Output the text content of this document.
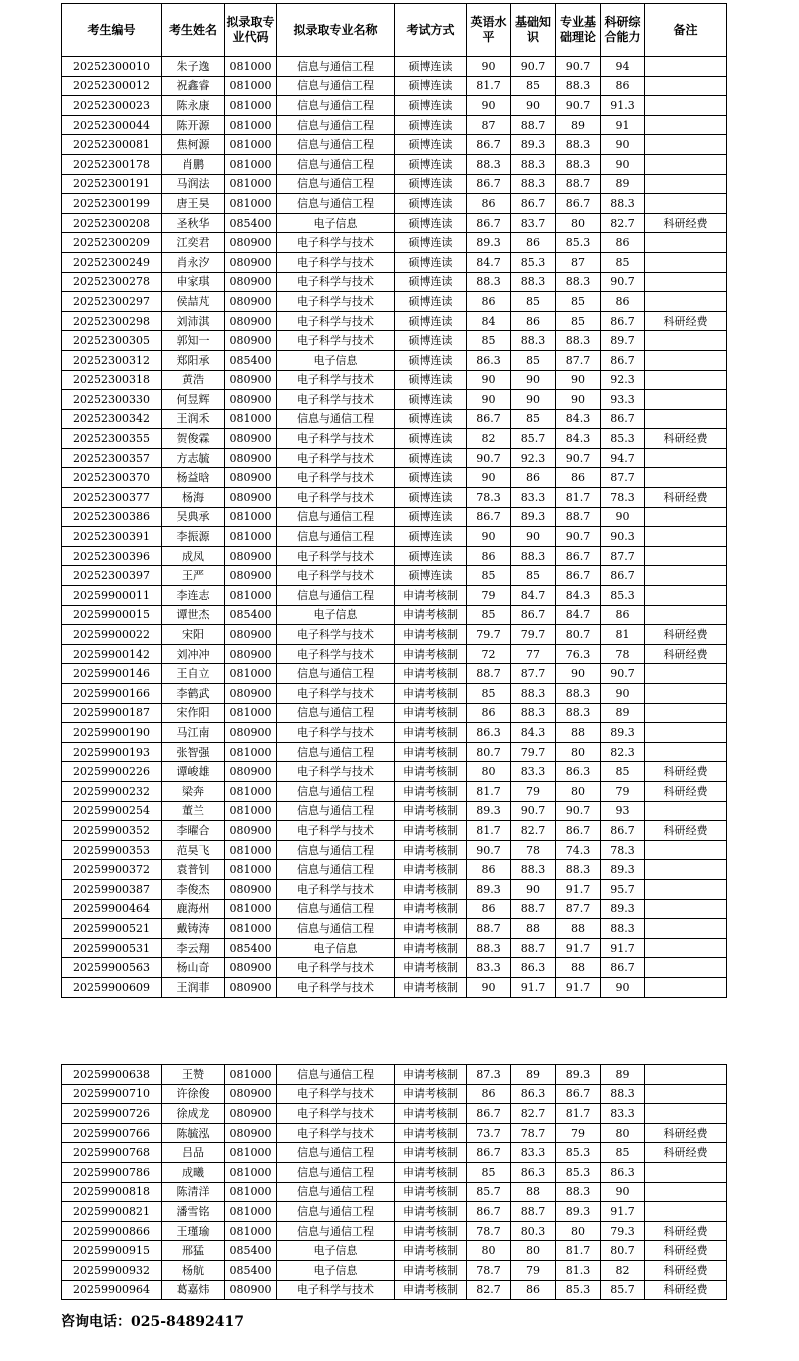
考生编号	考生姓名	拟录取专业代码	拟录取专业名称	考试方式	英语水平	基础知识	专业基础理论	科研综合能力	备注
20252300010	朱子逸	081000	信息与通信工程	硕博连读	90	90.7	90.7	94	
20252300012	祝鑫睿	081000	信息与通信工程	硕博连读	81.7	85	88.3	86	
20252300023	陈永康	081000	信息与通信工程	硕博连读	90	90	90.7	91.3	
20252300044	陈开源	081000	信息与通信工程	硕博连读	87	88.7	89	91	
20252300081	焦柯源	081000	信息与通信工程	硕博连读	86.7	89.3	88.3	90	
20252300178	肖鹏	081000	信息与通信工程	硕博连读	88.3	88.3	88.3	90	
20252300191	马润法	081000	信息与通信工程	硕博连读	86.7	88.3	88.7	89	
20252300199	唐王昊	081000	信息与通信工程	硕博连读	86	86.7	86.7	88.3	
20252300208	圣秋华	085400	电子信息	硕博连读	86.7	83.7	80	82.7	科研经费
20252300209	江奕君	080900	电子科学与技术	硕博连读	89.3	86	85.3	86	
20252300249	肖永汐	080900	电子科学与技术	硕博连读	84.7	85.3	87	85	
20252300278	申家琪	080900	电子科学与技术	硕博连读	88.3	88.3	88.3	90.7	
20252300297	侯喆芃	080900	电子科学与技术	硕博连读	86	85	85	86	
20252300298	刘沛淇	080900	电子科学与技术	硕博连读	84	86	85	86.7	科研经费
20252300305	郭知一	080900	电子科学与技术	硕博连读	85	88.3	88.3	89.7	
20252300312	郑阳承	085400	电子信息	硕博连读	86.3	85	87.7	86.7	
20252300318	黄浩	080900	电子科学与技术	硕博连读	90	90	90	92.3	
20252300330	何昱辉	080900	电子科学与技术	硕博连读	90	90	90	93.3	
20252300342	王润禾	081000	信息与通信工程	硕博连读	86.7	85	84.3	86.7	
20252300355	贺俊霖	080900	电子科学与技术	硕博连读	82	85.7	84.3	85.3	科研经费
20252300357	方志毓	080900	电子科学与技术	硕博连读	90.7	92.3	90.7	94.7	
20252300370	杨益晗	080900	电子科学与技术	硕博连读	90	86	86	87.7	
20252300377	杨海	080900	电子科学与技术	硕博连读	78.3	83.3	81.7	78.3	科研经费
20252300386	吴典承	081000	信息与通信工程	硕博连读	86.7	89.3	88.7	90	
20252300391	李振源	081000	信息与通信工程	硕博连读	90	90	90.7	90.3	
20252300396	成凤	080900	电子科学与技术	硕博连读	86	88.3	86.7	87.7	
20252300397	王严	080900	电子科学与技术	硕博连读	85	85	86.7	86.7	
20259900011	李连志	081000	信息与通信工程	申请考核制	79	84.7	84.3	85.3	
20259900015	谭世杰	085400	电子信息	申请考核制	85	86.7	84.7	86	
20259900022	宋阳	080900	电子科学与技术	申请考核制	79.7	79.7	80.7	81	科研经费
20259900142	刘冲冲	080900	电子科学与技术	申请考核制	72	77	76.3	78	科研经费
20259900146	王自立	081000	信息与通信工程	申请考核制	88.7	87.7	90	90.7	
20259900166	李鹤武	080900	电子科学与技术	申请考核制	85	88.3	88.3	90	
20259900187	宋作阳	081000	信息与通信工程	申请考核制	86	88.3	88.3	89	
20259900190	马江南	080900	电子科学与技术	申请考核制	86.3	84.3	88	89.3	
20259900193	张智强	081000	信息与通信工程	申请考核制	80.7	79.7	80	82.3	
20259900226	谭峻雄	080900	电子科学与技术	申请考核制	80	83.3	86.3	85	科研经费
20259900232	梁奔	081000	信息与通信工程	申请考核制	81.7	79	80	79	科研经费
20259900254	董兰	081000	信息与通信工程	申请考核制	89.3	90.7	90.7	93	
20259900352	李曜合	080900	电子科学与技术	申请考核制	81.7	82.7	86.7	86.7	科研经费
20259900353	范昊飞	081000	信息与通信工程	申请考核制	90.7	78	74.3	78.3	
20259900372	袁普钊	081000	信息与通信工程	申请考核制	86	88.3	88.3	89.3	
20259900387	李俊杰	080900	电子科学与技术	申请考核制	89.3	90	91.7	95.7	
20259900464	鹿海州	081000	信息与通信工程	申请考核制	86	88.7	87.7	89.3	
20259900521	戴铸涛	081000	信息与通信工程	申请考核制	88.7	88	88	88.3	
20259900531	李云翔	085400	电子信息	申请考核制	88.3	88.7	91.7	91.7	
20259900563	杨山奇	080900	电子科学与技术	申请考核制	83.3	86.3	88	86.7	
20259900609	王润菲	080900	电子科学与技术	申请考核制	90	91.7	91.7	90	
20259900638	王赞	081000	信息与通信工程	申请考核制	87.3	89	89.3	89	
20259900710	许徐俊	080900	电子科学与技术	申请考核制	86	86.3	86.7	88.3	
20259900726	徐成龙	080900	电子科学与技术	申请考核制	86.7	82.7	81.7	83.3	
20259900766	陈毓泓	080900	电子科学与技术	申请考核制	73.7	78.7	79	80	科研经费
20259900768	吕品	081000	信息与通信工程	申请考核制	86.7	83.3	85.3	85	科研经费
20259900786	成曦	081000	信息与通信工程	申请考核制	85	86.3	85.3	86.3	
20259900818	陈清洋	081000	信息与通信工程	申请考核制	85.7	88	88.3	90	
20259900821	潘雪铭	081000	信息与通信工程	申请考核制	86.7	88.7	89.3	91.7	
20259900866	王瑾瑜	081000	信息与通信工程	申请考核制	78.7	80.3	80	79.3	科研经费
20259900915	邢猛	085400	电子信息	申请考核制	80	80	81.7	80.7	科研经费
20259900932	杨航	085400	电子信息	申请考核制	78.7	79	81.3	82	科研经费
20259900964	葛嘉炜	080900	电子科学与技术	申请考核制	82.7	86	85.3	85.7	科研经费
咨询电话：025-84892417
